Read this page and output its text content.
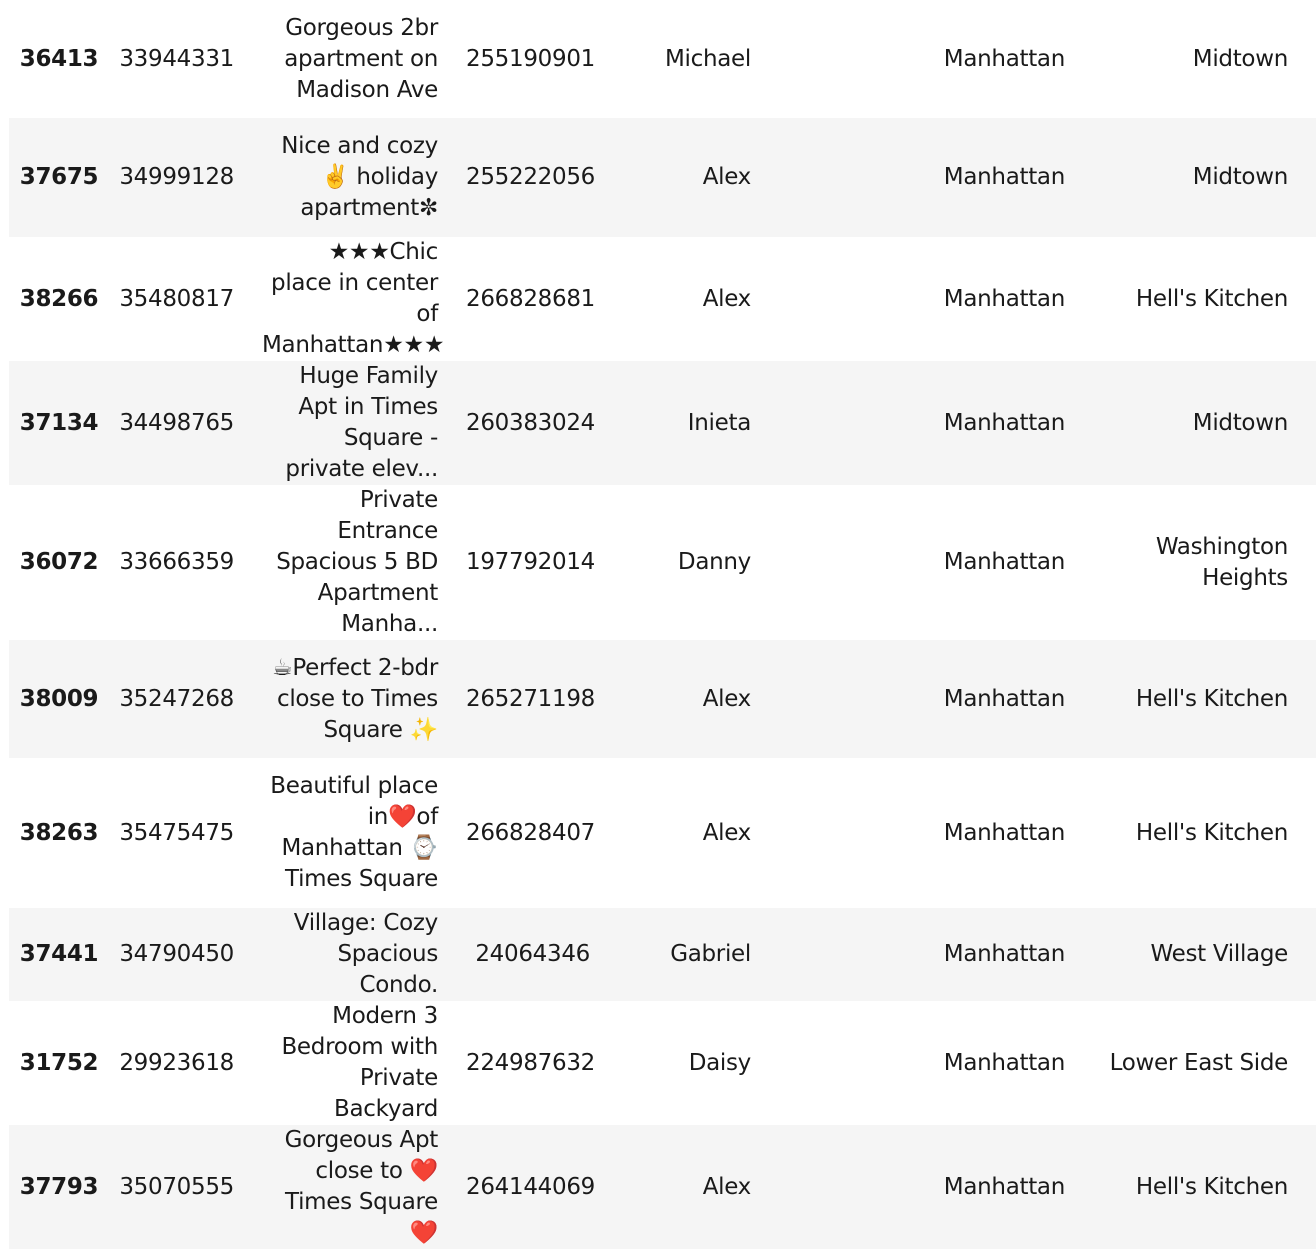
36413	33944331	Gorgeous 2br apartment on Madison Ave	255190901	Michael	Manhattan	Midtown
37675	34999128	Nice and cozy ✌️ holiday apartment✼	255222056	Alex	Manhattan	Midtown
38266	35480817	★★★Chic place in center of Manhattan★★★	266828681	Alex	Manhattan	Hell's Kitchen
37134	34498765	Huge Family Apt in Times Square - private elev...	260383024	Inieta	Manhattan	Midtown
36072	33666359	Private Entrance Spacious 5 BD Apartment Manha...	197792014	Danny	Manhattan	Washington Heights
38009	35247268	☕Perfect 2-bdr close to Times Square ✨	265271198	Alex	Manhattan	Hell's Kitchen
38263	35475475	Beautiful place in❤️of Manhattan ⌚ Times Square	266828407	Alex	Manhattan	Hell's Kitchen
37441	34790450	Village: Cozy Spacious Condo.	24064346	Gabriel	Manhattan	West Village
31752	29923618	Modern 3 Bedroom with Private Backyard	224987632	Daisy	Manhattan	Lower East Side
37793	35070555	Gorgeous Apt close to ❤️Times Square❤️	264144069	Alex	Manhattan	Hell's Kitchen
